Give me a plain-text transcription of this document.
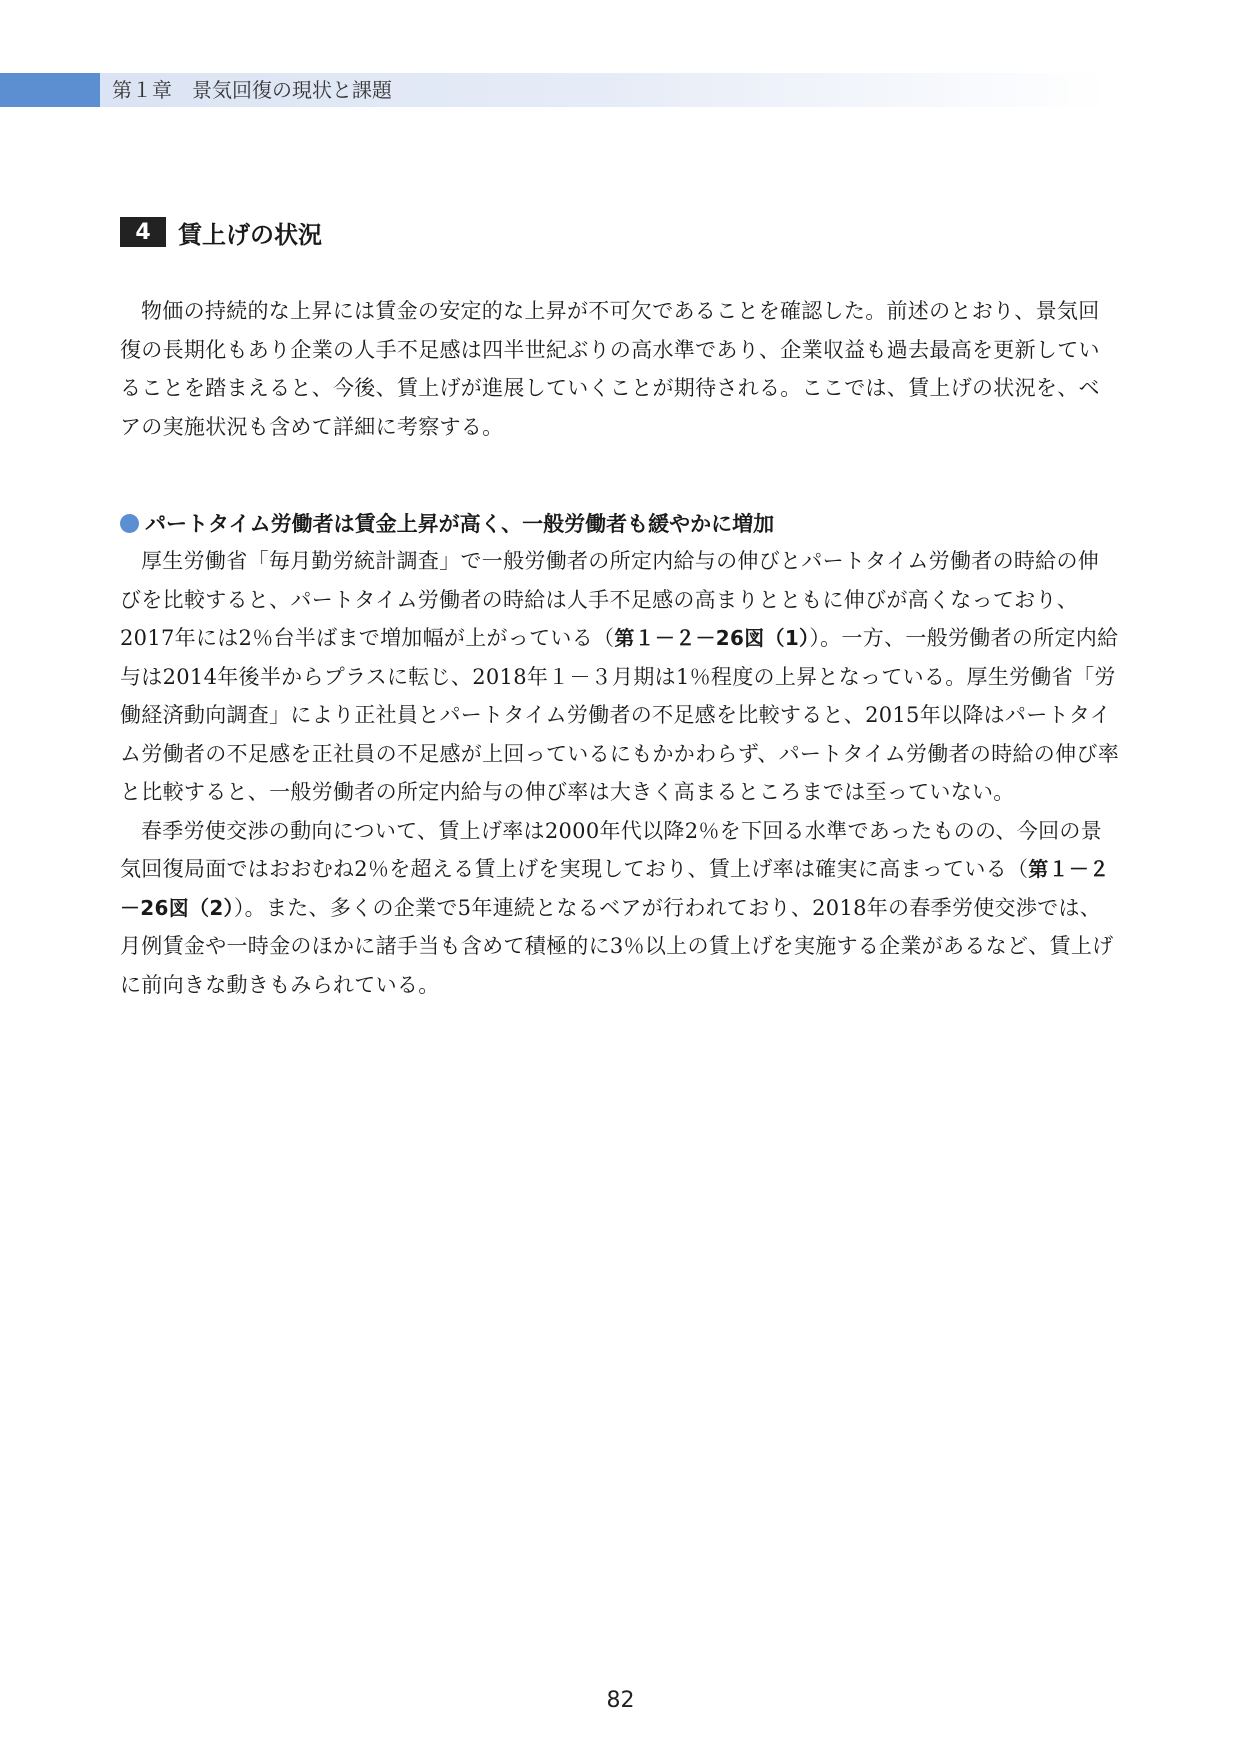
第１章　景気回復の現状と課題
4	賃上げの状況

物価の持続的な上昇には賃金の安定的な上昇が不可欠であることを確認した。前述のとおり、景気回復の長期化もあり企業の人手不足感は四半世紀ぶりの高水準であり、企業収益も過去最高を更新していることを踏まえると、今後、賃上げが進展していくことが期待される。ここでは、賃上げの状況を、ベアの実施状況も含めて詳細に考察する。

パートタイム労働者は賃金上昇が高く、一般労働者も緩やかに増加

厚生労働省「毎月勤労統計調査」で一般労働者の所定内給与の伸びとパートタイム労働者の時給の伸びを比較すると、パートタイム労働者の時給は人手不足感の高まりとともに伸びが高くなっており、2017年には2％台半ばまで増加幅が上がっている（第１－２－26図（1））。一方、一般労働者の所定内給与は2014年後半からプラスに転じ、2018年１－３月期は1％程度の上昇となっている。厚生労働省「労働経済動向調査」により正社員とパートタイム労働者の不足感を比較すると、2015年以降はパートタイム労働者の不足感を正社員の不足感が上回っているにもかかわらず、パートタイム労働者の時給の伸び率と比較すると、一般労働者の所定内給与の伸び率は大きく高まるところまでは至っていない。

春季労使交渉の動向について、賃上げ率は2000年代以降2％を下回る水準であったものの、今回の景気回復局面ではおおむね2％を超える賃上げを実現しており、賃上げ率は確実に高まっている（第１－２－26図（2））。また、多くの企業で5年連続となるベアが行われており、2018年の春季労使交渉では、月例賃金や一時金のほかに諸手当も含めて積極的に3％以上の賃上げを実施する企業があるなど、賃上げに前向きな動きもみられている。

82
